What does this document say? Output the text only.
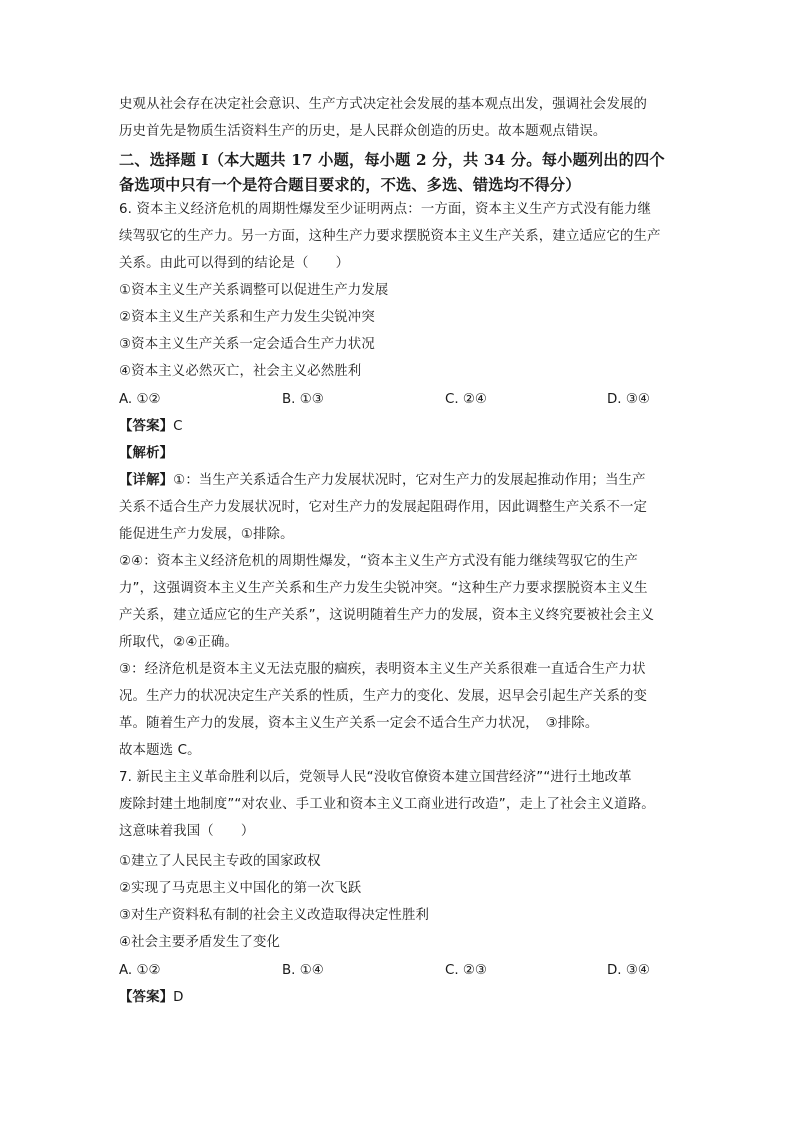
史观从社会存在决定社会意识、生产方式决定社会发展的基本观点出发，强调社会发展的
历史首先是物质生活资料生产的历史，是人民群众创造的历史。故本题观点错误。
二、选择题 I（本大题共 17 小题，每小题 2 分，共 34 分。每小题列出的四个
备选项中只有一个是符合题目要求的，不选、多选、错选均不得分）
6. 资本主义经济危机的周期性爆发至少证明两点：一方面，资本主义生产方式没有能力继
续驾驭它的生产力。另一方面，这种生产力要求摆脱资本主义生产关系，建立适应它的生产
关系。由此可以得到的结论是（　　）
①资本主义生产关系调整可以促进生产力发展
②资本主义生产关系和生产力发生尖锐冲突
③资本主义生产关系一定会适合生产力状况
④资本主义必然灭亡，社会主义必然胜利
A. ①②	B. ①③	C. ②④	D. ③④
【答案】C
【解析】
【详解】①：当生产关系适合生产力发展状况时，它对生产力的发展起推动作用；当生产
关系不适合生产力发展状况时，它对生产力的发展起阻碍作用，因此调整生产关系不一定
能促进生产力发展，①排除。
②④：资本主义经济危机的周期性爆发，“资本主义生产方式没有能力继续驾驭它的生产
力”，这强调资本主义生产关系和生产力发生尖锐冲突。“这种生产力要求摆脱资本主义生
产关系，建立适应它的生产关系”，这说明随着生产力的发展，资本主义终究要被社会主义
所取代，②④正确。
③：经济危机是资本主义无法克服的痼疾，表明资本主义生产关系很难一直适合生产力状
况。生产力的状况决定生产关系的性质，生产力的变化、发展，迟早会引起生产关系的变
革。随着生产力的发展，资本主义生产关系一定会不适合生产力状况，　③排除。
故本题选 C。
7. 新民主主义革命胜利以后，党领导人民“没收官僚资本建立国营经济”“进行土地改革
废除封建土地制度”“对农业、手工业和资本主义工商业进行改造”，走上了社会主义道路。
这意味着我国（　　）
①建立了人民民主专政的国家政权
②实现了马克思主义中国化的第一次飞跃
③对生产资料私有制的社会主义改造取得决定性胜利
④社会主要矛盾发生了变化
A. ①②	B. ①④	C. ②③	D. ③④
【答案】D
